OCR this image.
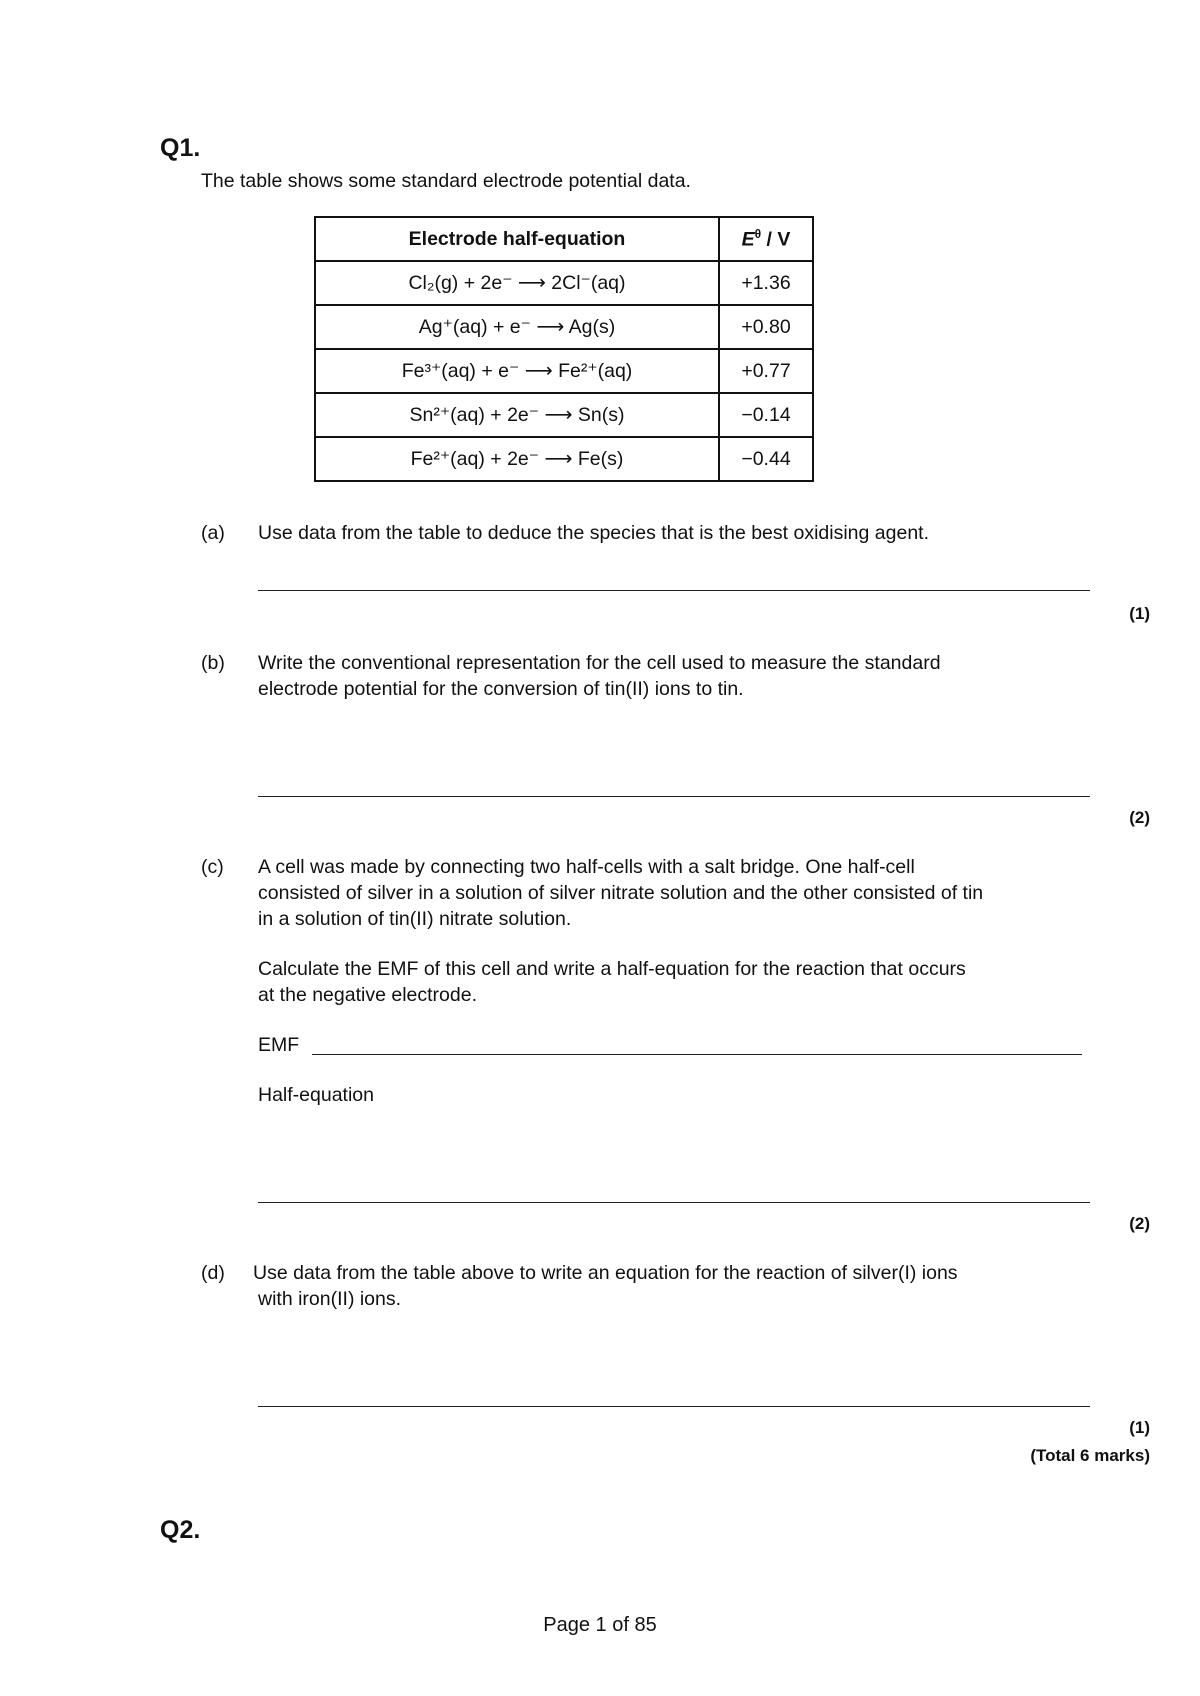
Q1.
The table shows some standard electrode potential data.
Electrode half-equation	$E^\theta$ / V
Cl₂(g) + 2e⁻ ⟶ 2Cl⁻(aq)	+1.36
Ag⁺(aq) + e⁻ ⟶ Ag(s)	+0.80
Fe³⁺(aq) + e⁻ ⟶ Fe²⁺(aq)	+0.77
Sn²⁺(aq) + 2e⁻ ⟶ Sn(s)	−0.14
Fe²⁺(aq) + 2e⁻ ⟶ Fe(s)	−0.44
(a) Use data from the table to deduce the species that is the best oxidising agent.
(1)
(b) Write the conventional representation for the cell used to measure the standard
electrode potential for the conversion of tin(II) ions to tin.
(2)
(c) A cell was made by connecting two half-cells with a salt bridge. One half-cell
consisted of silver in a solution of silver nitrate solution and the other consisted of tin
in a solution of tin(II) nitrate solution.
Calculate the EMF of this cell and write a half-equation for the reaction that occurs
at the negative electrode.
EMF
Half-equation
(2)
(d) Use data from the table above to write an equation for the reaction of silver(I) ions
with iron(II) ions.
(1)
(Total 6 marks)
Q2.
Page 1 of 85
